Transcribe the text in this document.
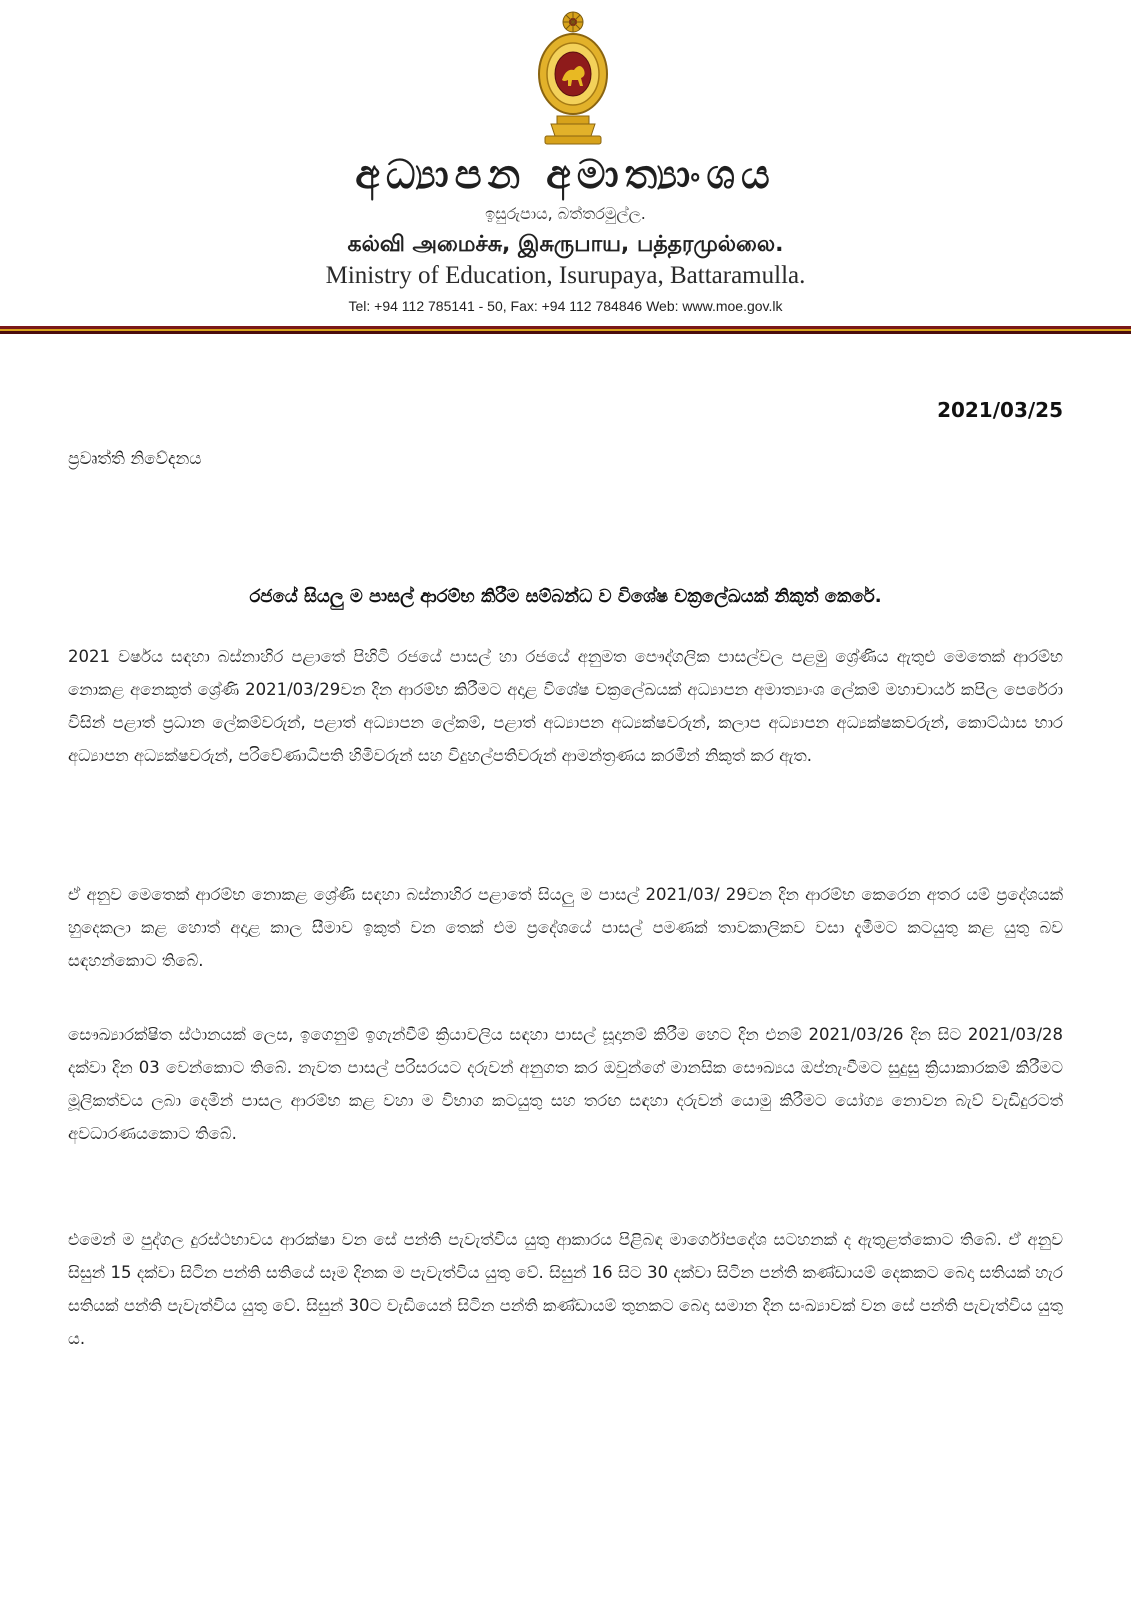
අධ්‍යාපන අමාත්‍යාංශය
ඉසුරුපාය, බත්තරමුල්ල.
கல்வி அமைச்சு, இசுருபாய, பத்தரமுல்லை.
Ministry of Education, Isurupaya, Battaramulla.
Tel: +94 112 785141 - 50, Fax: +94 112 784846 Web: www.moe.gov.lk
2021/03/25
ප්‍රවෘත්ති නිවේදනය
රජයේ සියලු ම පාසල් ආරම්භ කිරීම සම්බන්ධ ව විශේෂ චක්‍රලේඛයක් නිකුත් කෙරේ.

2021 වර්ෂය සඳහා බස්නාහිර පළාතේ පිහිටි රජයේ පාසල් හා රජයේ අනුමත පෞද්ගලික පාසල්වල පළමු ශ්‍රේණිය ඇතුළු මෙතෙක් ආරම්භ නොකළ අනෙකුත් ශ්‍රේණි 2021/03/29වන දින ආරම්භ කිරීමට අදාළ විශේෂ චක්‍රලේඛයක් අධ්‍යාපන අමාත්‍යාංශ ලේකම් මහාචාර්ය කපිල පෙරේරා විසින් පළාත් ප්‍රධාන ලේකම්වරුන්, පළාත් අධ්‍යාපන ලේකම්, පළාත් අධ්‍යාපන අධ්‍යක්ෂවරුන්, කලාප අධ්‍යාපන අධ්‍යක්ෂකවරුන්, කොට්ඨාස භාර අධ්‍යාපන අධ්‍යක්ෂවරුන්, පරිවේණාධිපති හිමිවරුන් සහ විදුහල්පතිවරුන් ආමන්ත්‍රණය කරමින් නිකුත් කර ඇත.

ඒ අනුව මෙතෙක් ආරම්භ නොකළ ශ්‍රේණි සඳහා බස්නාහිර පළාතේ සියලු ම පාසල් 2021/03/ 29වන දින ආරම්භ කෙරෙන අතර යම් ප්‍රදේශයක් හුදෙකලා කළ හොත් අදාළ කාල සීමාව ඉකුත් වන තෙක් එම ප්‍රදේශයේ පාසල් පමණක් තාවකාලිකව වසා දැමීමට කටයුතු කළ යුතු බව සඳහන්කොට තිබේ.

සෞඛ්‍යාරක්ෂිත ස්ථානයක් ලෙස, ඉගෙනුම් ඉගැන්වීම් ක්‍රියාවලිය සඳහා පාසල් සූදානම් කිරීම හෙට දින එනම් 2021/03/26 දින සිට 2021/03/28 දක්වා දින 03 වෙන්කොට තිබේ. නැවත පාසල් පරිසරයට දරුවන් අනුගත කර ඔවුන්ගේ මානසික සෞඛ්‍යය ඔප්නැංවීමට සුදුසු ක්‍රියාකාරකම් කිරීමට මූලිකත්වය ලබා දෙමින් පාසල ආරම්භ කළ වහා ම විභාග කටයුතු සහ තරඟ සඳහා දරුවන් යොමු කිරීමට යෝග්‍ය නොවන බැව් වැඩිදුරටත් අවධාරණයකොට තිබේ.

එමෙන් ම පුද්ගල දුරස්ථභාවය ආරක්ෂා වන සේ පන්ති පැවැත්විය යුතු ආකාරය පිළිබඳ මාර්ගෝපදේශ සටහනක් ද ඇතුළත්කොට තිබේ. ඒ අනුව සිසුන් 15 දක්වා සිටින පන්ති සතියේ සෑම දිනක ම පැවැත්විය යුතු වේ. සිසුන් 16 සිට 30 දක්වා සිටින පන්ති කණ්ඩායම් දෙකකට බෙදා සතියක් හැර සතියක් පන්ති පැවැත්විය යුතු වේ. සිසුන් 30ට වැඩියෙන් සිටින පන්ති කණ්ඩායම් තුනකට බෙදා සමාන දින සංඛ්‍යාවක් වන සේ පන්ති පැවැත්විය යුතු ය.
